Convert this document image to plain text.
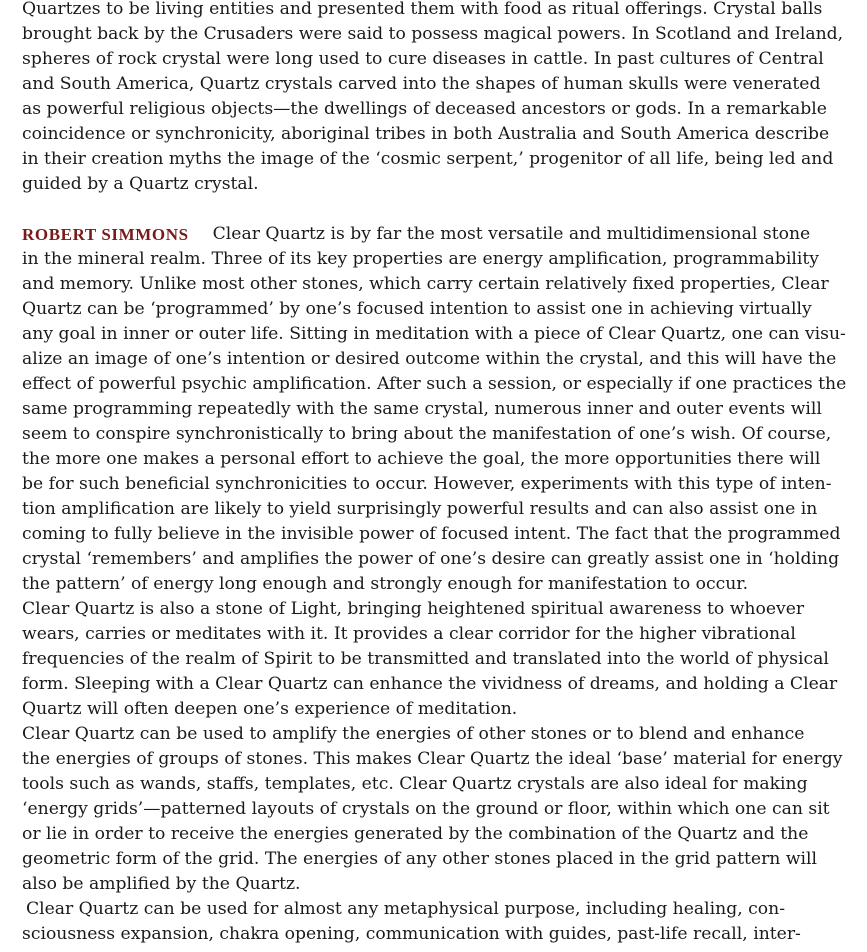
Quartzes to be living entities and presented them with food as ritual offerings. Crystal balls
brought back by the Crusaders were said to possess magical powers. In Scotland and Ireland,
spheres of rock crystal were long used to cure diseases in cattle. In past cultures of Central
and South America, Quartz crystals carved into the shapes of human skulls were venerated
as powerful religious objects—the dwellings of deceased ancestors or gods. In a remarkable
coincidence or synchronicity, aboriginal tribes in both Australia and South America describe
in their creation myths the image of the ‘cosmic serpent,’ progenitor of all life, being led and
guided by a Quartz crystal.
ROBERT SIMMONS Clear Quartz is by far the most versatile and multidimensional stone
in the mineral realm. Three of its key properties are energy amplification, programmability
and memory. Unlike most other stones, which carry certain relatively fixed properties, Clear
Quartz can be ‘programmed’ by one’s focused intention to assist one in achieving virtually
any goal in inner or outer life. Sitting in meditation with a piece of Clear Quartz, one can visu-
alize an image of one’s intention or desired outcome within the crystal, and this will have the
effect of powerful psychic amplification. After such a session, or especially if one practices the
same programming repeatedly with the same crystal, numerous inner and outer events will
seem to conspire synchronistically to bring about the manifestation of one’s wish. Of course,
the more one makes a personal effort to achieve the goal, the more opportunities there will
be for such beneficial synchronicities to occur. However, experiments with this type of inten-
tion amplification are likely to yield surprisingly powerful results and can also assist one in
coming to fully believe in the invisible power of focused intent. The fact that the programmed
crystal ‘remembers’ and amplifies the power of one’s desire can greatly assist one in ‘holding
the pattern’ of energy long enough and strongly enough for manifestation to occur.
Clear Quartz is also a stone of Light, bringing heightened spiritual awareness to whoever
wears, carries or meditates with it. It provides a clear corridor for the higher vibrational
frequencies of the realm of Spirit to be transmitted and translated into the world of physical
form. Sleeping with a Clear Quartz can enhance the vividness of dreams, and holding a Clear
Quartz will often deepen one’s experience of meditation.
Clear Quartz can be used to amplify the energies of other stones or to blend and enhance
the energies of groups of stones. This makes Clear Quartz the ideal ‘base’ material for energy
tools such as wands, staffs, templates, etc. Clear Quartz crystals are also ideal for making
‘energy grids’—patterned layouts of crystals on the ground or floor, within which one can sit
or lie in order to receive the energies generated by the combination of the Quartz and the
geometric form of the grid. The energies of any other stones placed in the grid pattern will
also be amplified by the Quartz.
Clear Quartz can be used for almost any metaphysical purpose, including healing, con-
sciousness expansion, chakra opening, communication with guides, past-life recall, inter-
